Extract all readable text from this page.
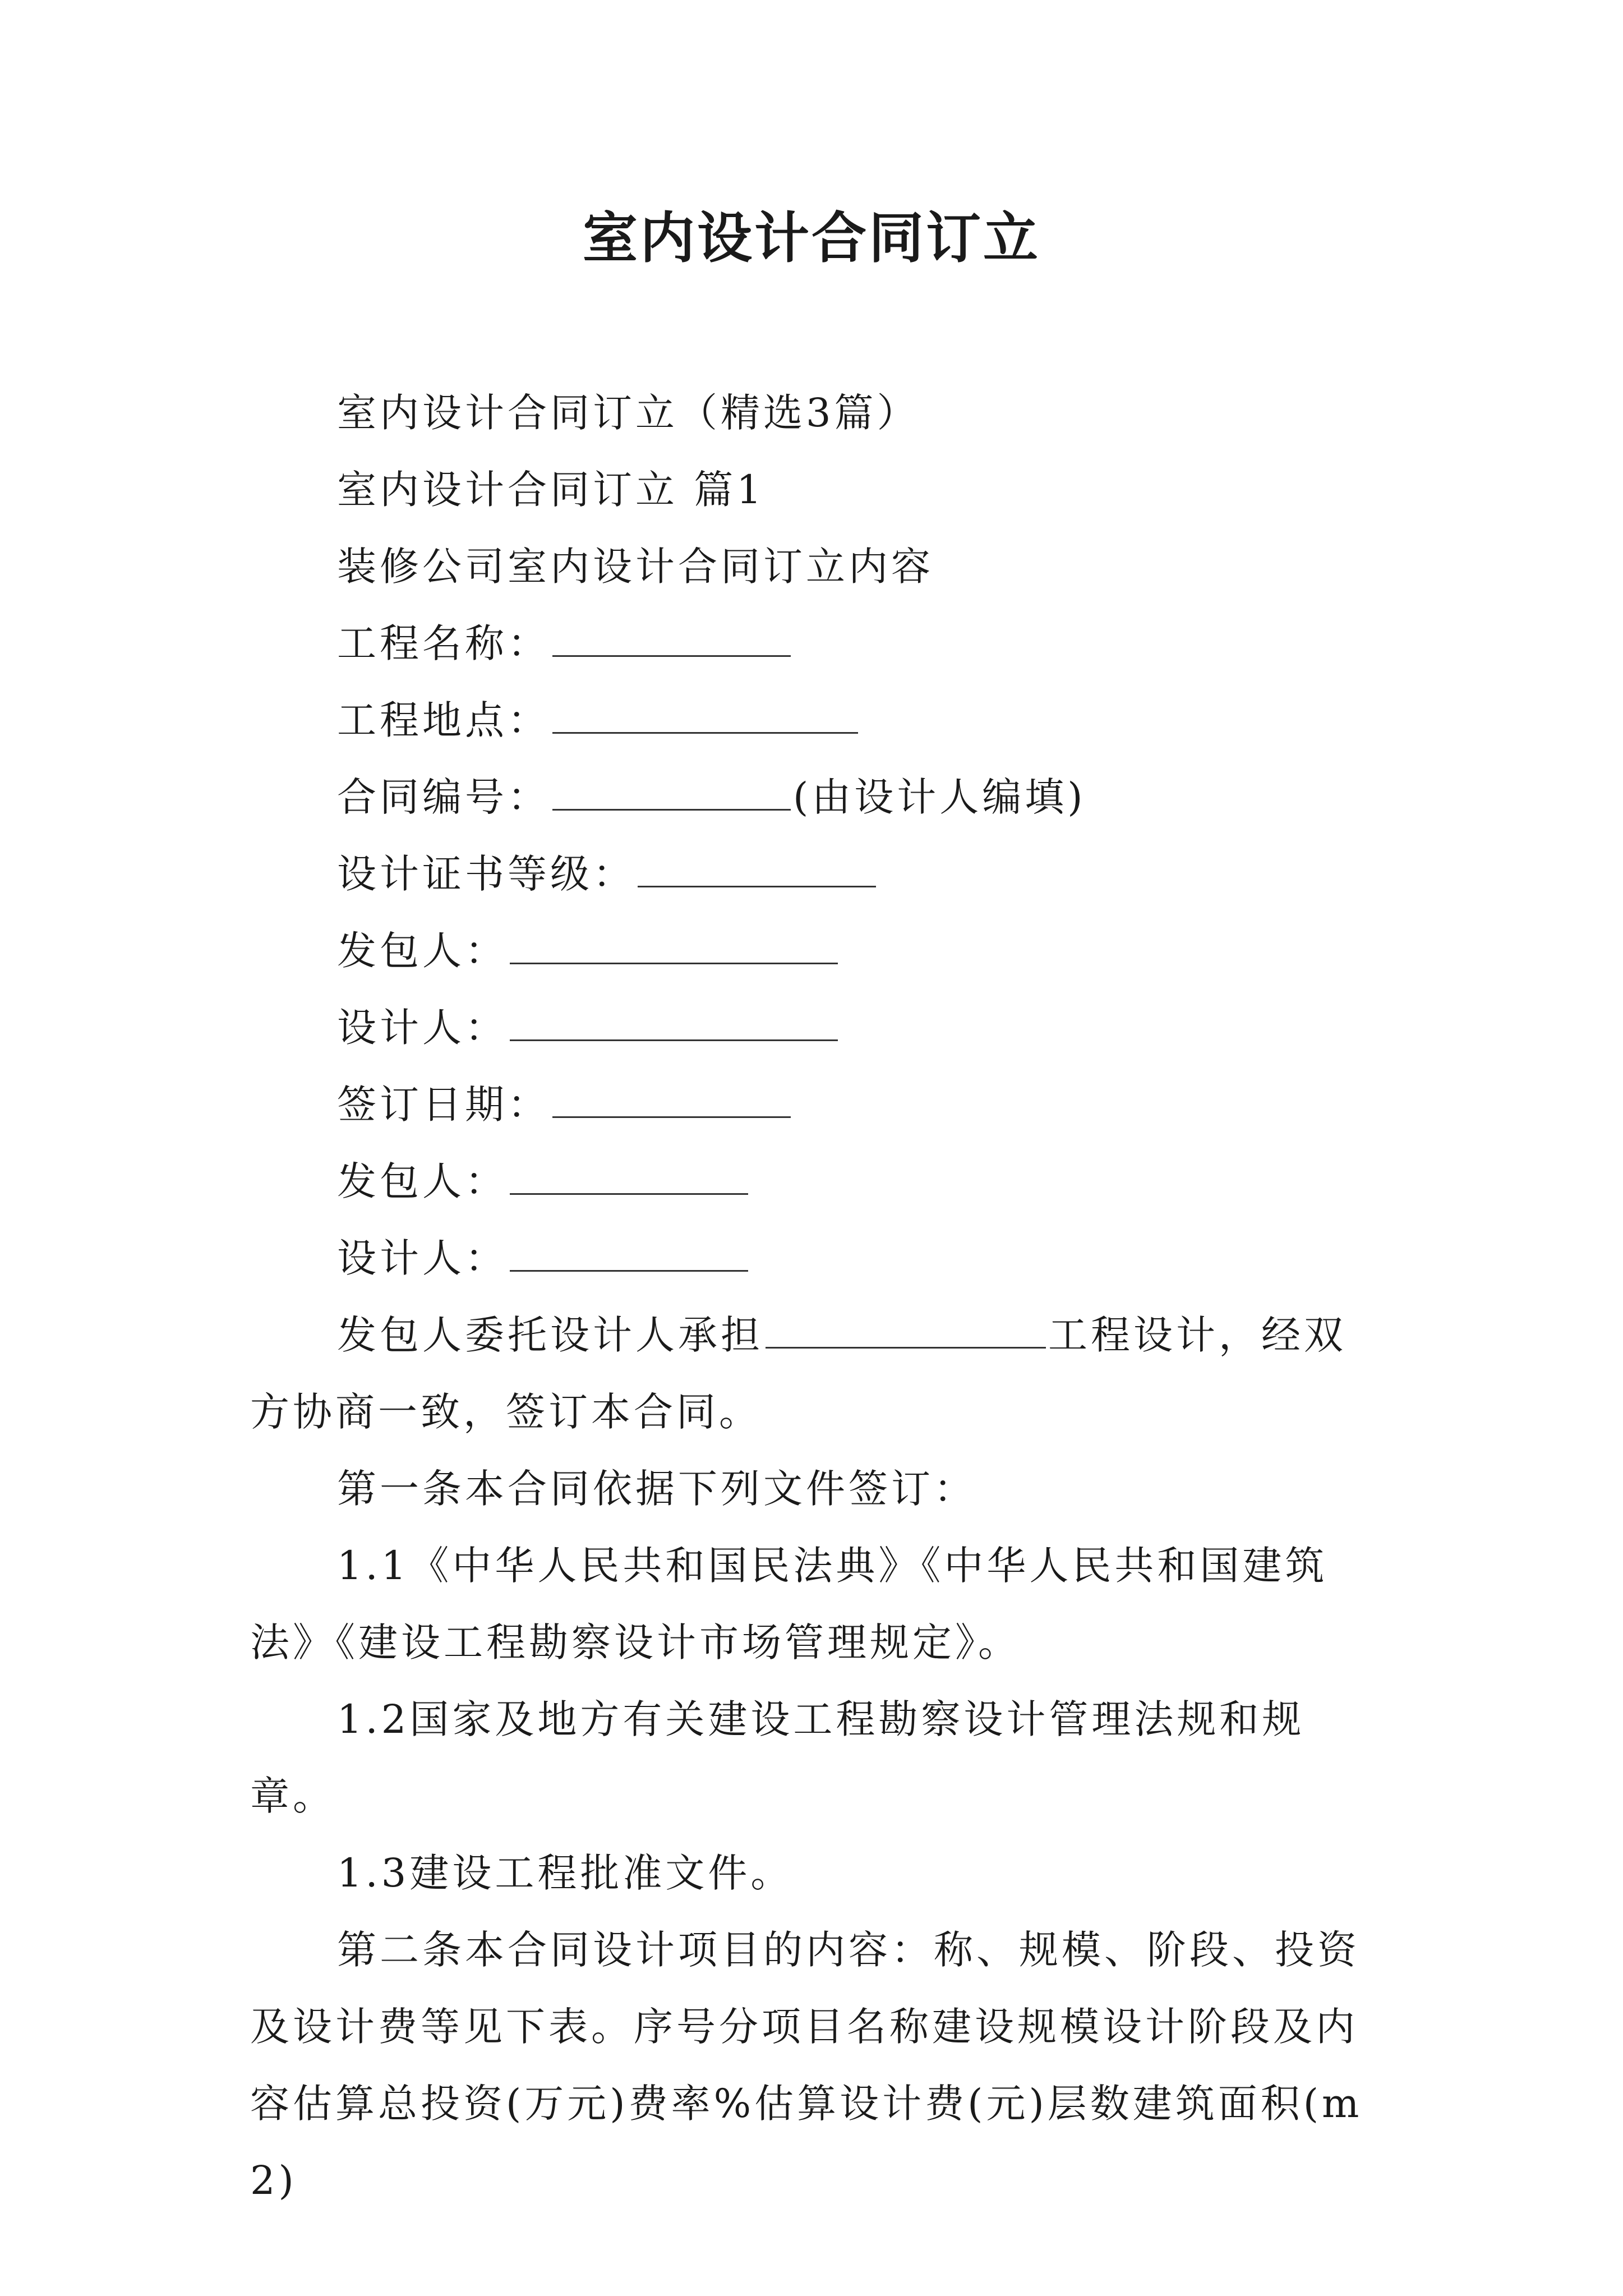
室内设计合同订立

室内设计合同订立（精选3篇）

室内设计合同订立 篇1

装修公司室内设计合同订立内容

工程名称：

工程地点：

合同编号：	(由设计人编填)

设计证书等级：

发包人：

设计人：

签订日期：

发包人：

设计人：

发包人委托设计人承担	工程设计，经双方协商一致，签订本合同。

第一条本合同依据下列文件签订：

1.1《中华人民共和国民法典》《中华人民共和国建筑法》《建设工程勘察设计市场管理规定》。

1.2国家及地方有关建设工程勘察设计管理法规和规章。

1.3建设工程批准文件。

第二条本合同设计项目的内容：称、规模、阶段、投资及设计费等见下表。序号分项目名称建设规模设计阶段及内容估算总投资(万元)费率%估算设计费(元)层数建筑面积(m2)
